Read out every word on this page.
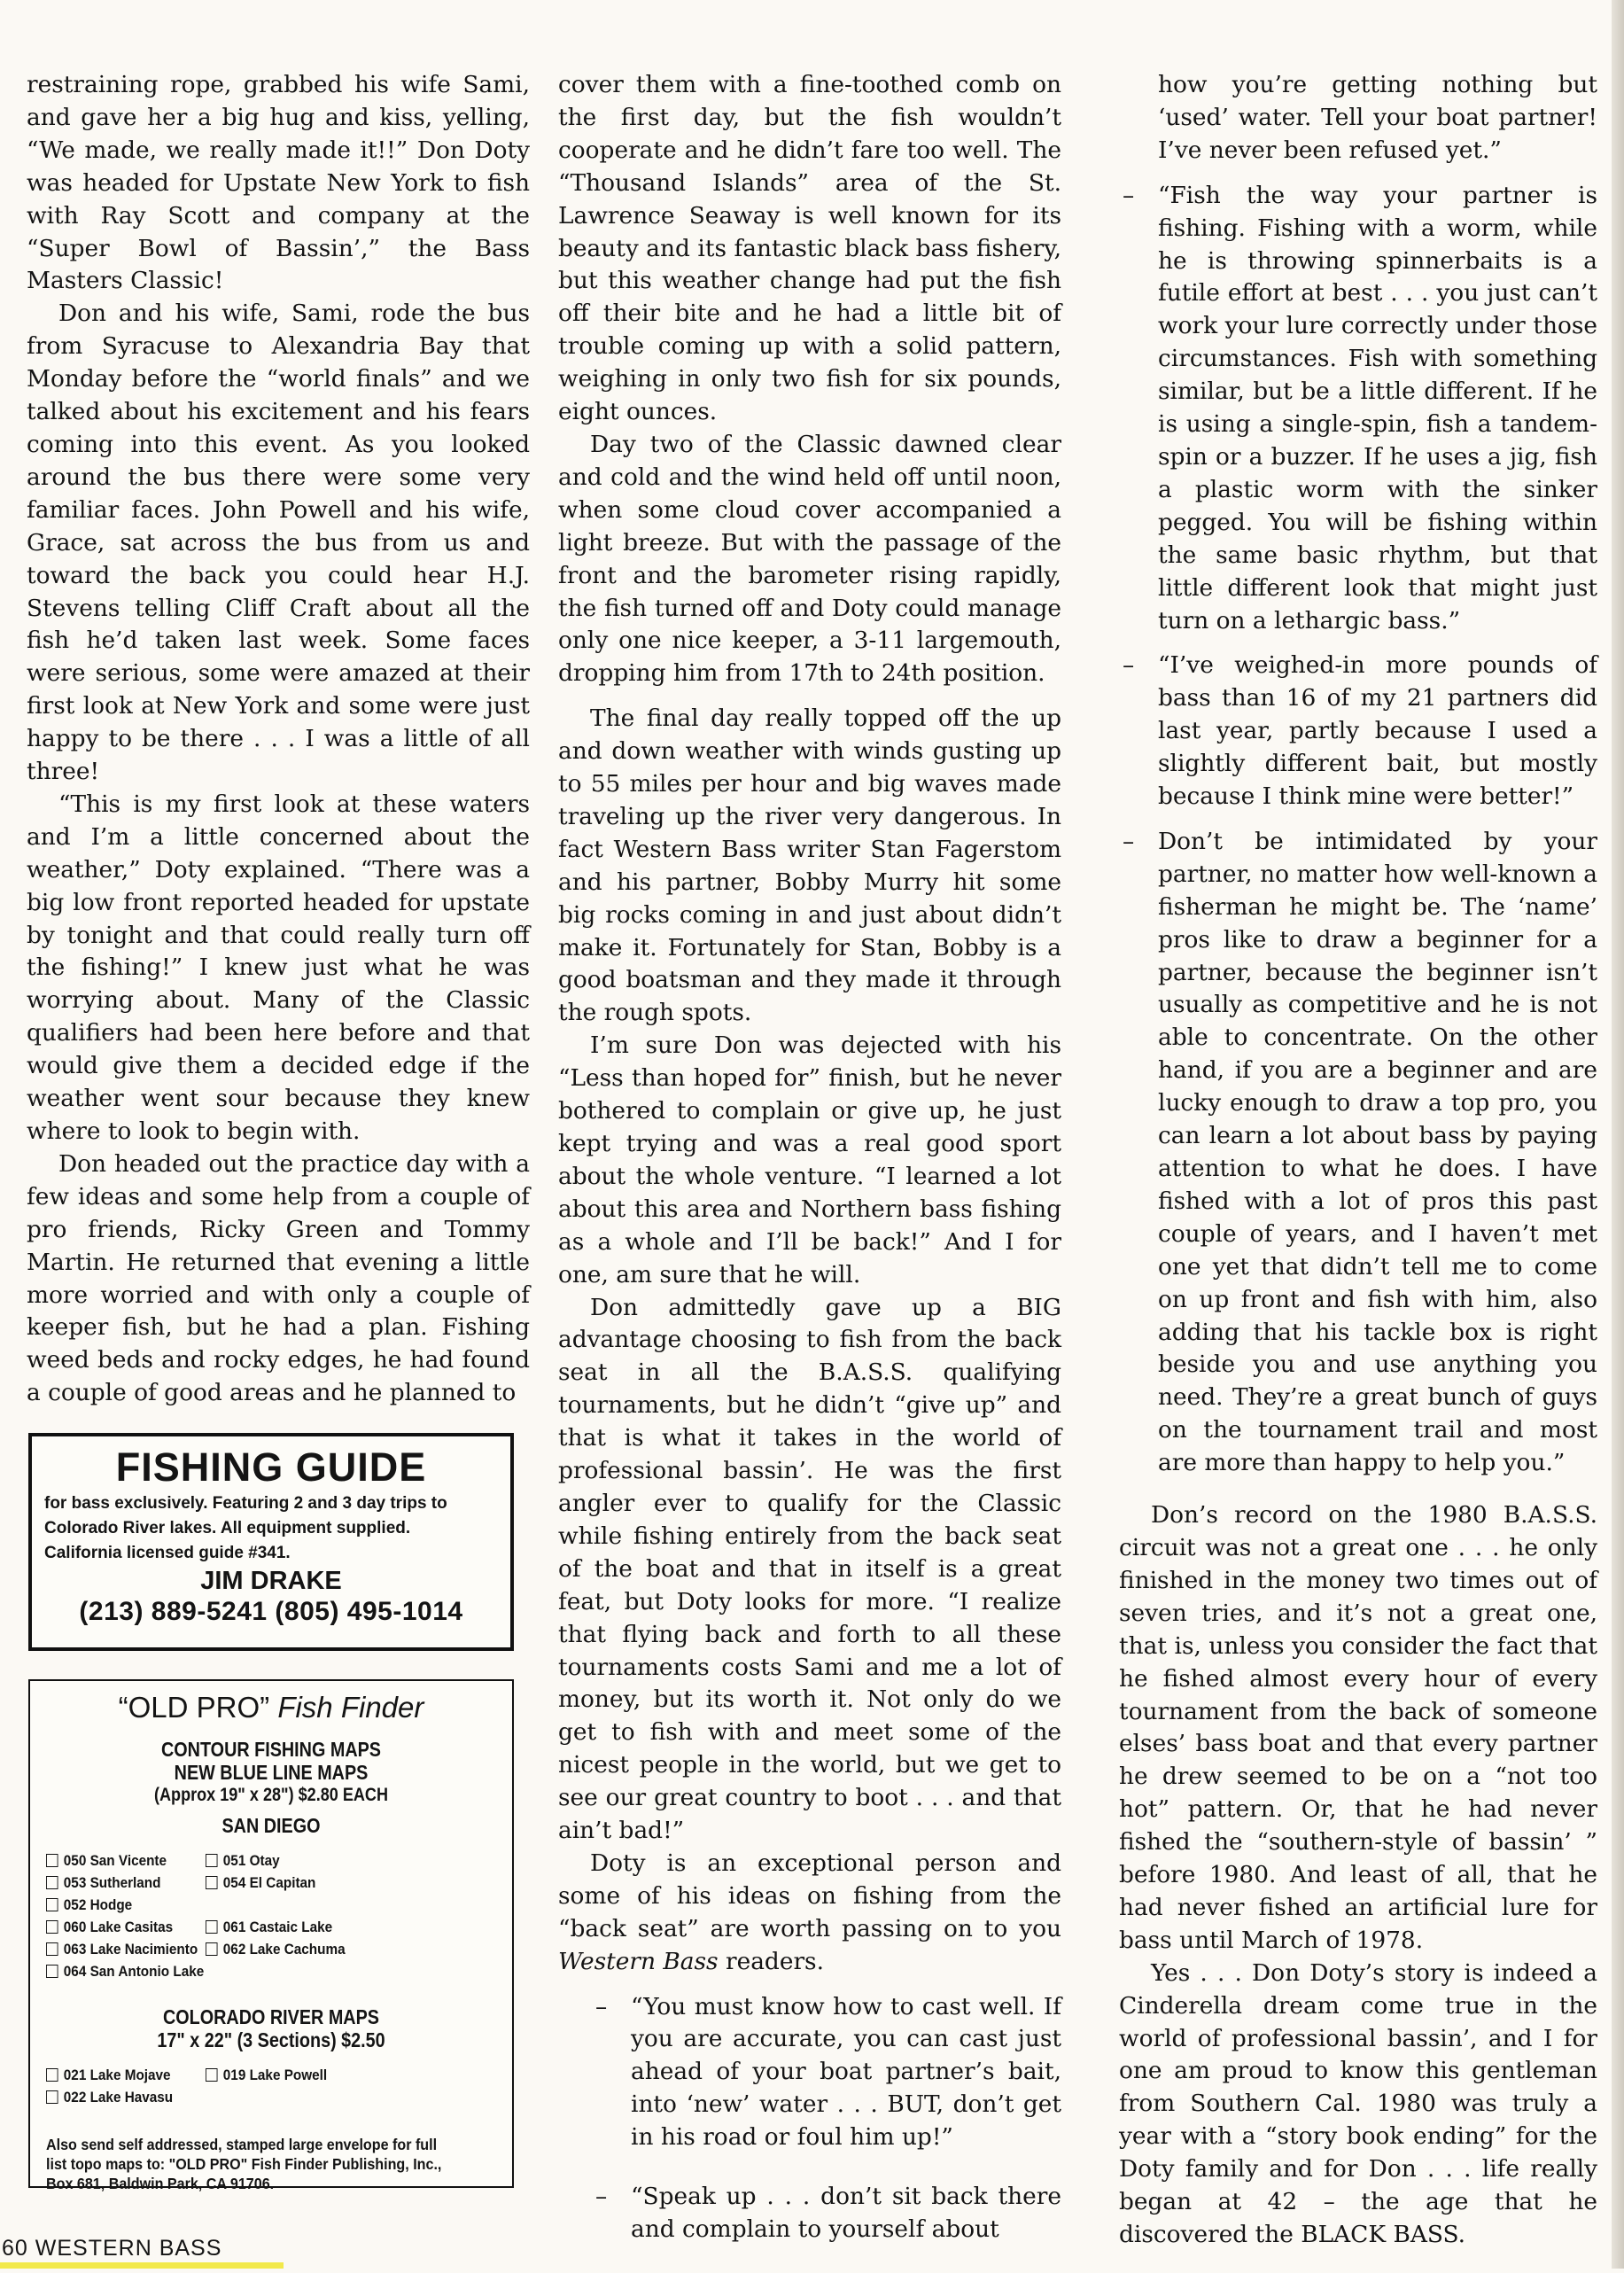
restraining rope, grabbed his wife Sami, and gave her a big hug and kiss, yelling, “We made, we really made it!!” Don Doty was headed for Upstate New York to fish with Ray Scott and company at the “Super Bowl of Bassin’,” the Bass Masters Classic!

Don and his wife, Sami, rode the bus from Syracuse to Alexandria Bay that Monday before the “world finals” and we talked about his excitement and his fears coming into this event. As you looked around the bus there were some very familiar faces. John Powell and his wife, Grace, sat across the bus from us and toward the back you could hear H.J. Stevens telling Cliff Craft about all the fish he’d taken last week. Some faces were serious, some were amazed at their first look at New York and some were just happy to be there . . . I was a little of all three!

“This is my first look at these waters and I’m a little concerned about the weather,” Doty explained. “There was a big low front reported headed for upstate by tonight and that could really turn off the fishing!” I knew just what he was worrying about. Many of the Classic qualifiers had been here before and that would give them a decided edge if the weather went sour because they knew where to look to begin with.

Don headed out the practice day with a few ideas and some help from a couple of pro friends, Ricky Green and Tommy Martin. He returned that evening a little more worried and with only a couple of keeper fish, but he had a plan. Fishing weed beds and rocky edges, he had found a couple of good areas and he planned to

FISHING GUIDE
for bass exclusively. Featuring 2 and 3 day trips to
Colorado River lakes. All equipment supplied.
California licensed guide #341.
JIM DRAKE
(213) 889-5241 (805) 495-1014
“OLD PRO” Fish Finder
CONTOUR FISHING MAPS
NEW BLUE LINE MAPS
(Approx 19" x 28") $2.80 EACH
SAN DIEGO
050 San Vicente	051 Otay
053 Sutherland	054 El Capitan
052 Hodge
060 Lake Casitas	061 Castaic Lake
063 Lake Nacimiento 062 Lake Cachuma
064 San Antonio Lake
COLORADO RIVER MAPS
17" x 22" (3 Sections) $2.50
021 Lake Mojave	019 Lake Powell
022 Lake Havasu
Also send self addressed, stamped large envelope for full
list topo maps to: "OLD PRO" Fish Finder Publishing, Inc.,
Box 681, Baldwin Park, CA 91706.

cover them with a fine-toothed comb on the first day, but the fish wouldn’t cooperate and he didn’t fare too well. The “Thousand Islands” area of the St. Lawrence Seaway is well known for its beauty and its fantastic black bass fishery, but this weather change had put the fish off their bite and he had a little bit of trouble coming up with a solid pattern, weighing in only two fish for six pounds, eight ounces.

Day two of the Classic dawned clear and cold and the wind held off until noon, when some cloud cover accompanied a light breeze. But with the passage of the front and the barometer rising rapidly, the fish turned off and Doty could manage only one nice keeper, a 3-11 largemouth, dropping him from 17th to 24th position.

The final day really topped off the up and down weather with winds gusting up to 55 miles per hour and big waves made traveling up the river very dangerous. In fact Western Bass writer Stan Fagerstom and his partner, Bobby Murry hit some big rocks coming in and just about didn’t make it. Fortunately for Stan, Bobby is a good boatsman and they made it through the rough spots.

I’m sure Don was dejected with his “Less than hoped for” finish, but he never bothered to complain or give up, he just kept trying and was a real good sport about the whole venture. “I learned a lot about this area and Northern bass fishing as a whole and I’ll be back!” And I for one, am sure that he will.

Don admittedly gave up a BIG advantage choosing to fish from the back seat in all the B.A.S.S. qualifying tournaments, but he didn’t “give up” and that is what it takes in the world of professional bassin’. He was the first angler ever to qualify for the Classic while fishing entirely from the back seat of the boat and that in itself is a great feat, but Doty looks for more. “I realize that flying back and forth to all these tournaments costs Sami and me a lot of money, but its worth it. Not only do we get to fish with and meet some of the nicest people in the world, but we get to see our great country to boot . . . and that ain’t bad!”

Doty is an exceptional person and some of his ideas on fishing from the “back seat” are worth passing on to you Western Bass readers.

– “You must know how to cast well. If you are accurate, you can cast just ahead of your boat partner’s bait, into ‘new’ water . . . BUT, don’t get in his road or foul him up!”

– “Speak up . . . don’t sit back there and complain to yourself about

how you’re getting nothing but ‘used’ water. Tell your boat partner! I’ve never been refused yet.”

– “Fish the way your partner is fishing. Fishing with a worm, while he is throwing spinnerbaits is a futile effort at best . . . you just can’t work your lure correctly under those circumstances. Fish with something similar, but be a little different. If he is using a single-spin, fish a tandem-spin or a buzzer. If he uses a jig, fish a plastic worm with the sinker pegged. You will be fishing within the same basic rhythm, but that little different look that might just turn on a lethargic bass.”

– “I’ve weighed-in more pounds of bass than 16 of my 21 partners did last year, partly because I used a slightly different bait, but mostly because I think mine were better!”

– Don’t be intimidated by your partner, no matter how well-known a fisherman he might be. The ‘name’ pros like to draw a beginner for a partner, because the beginner isn’t usually as competitive and he is not able to concentrate. On the other hand, if you are a beginner and are lucky enough to draw a top pro, you can learn a lot about bass by paying attention to what he does. I have fished with a lot of pros this past couple of years, and I haven’t met one yet that didn’t tell me to come on up front and fish with him, also adding that his tackle box is right beside you and use anything you need. They’re a great bunch of guys on the tournament trail and most are more than happy to help you.”

Don’s record on the 1980 B.A.S.S. circuit was not a great one . . . he only finished in the money two times out of seven tries, and it’s not a great one, that is, unless you consider the fact that he fished almost every hour of every tournament from the back of someone elses’ bass boat and that every partner he drew seemed to be on a “not too hot” pattern. Or, that he had never fished the “southern-style of bassin’ ” before 1980. And least of all, that he had never fished an artificial lure for bass until March of 1978.

Yes . . . Don Doty’s story is indeed a Cinderella dream come true in the world of professional bassin’, and I for one am proud to know this gentleman from Southern Cal. 1980 was truly a year with a “story book ending” for the Doty family and for Don . . . life really began at 42 – the age that he discovered the BLACK BASS.

60 WESTERN BASS
